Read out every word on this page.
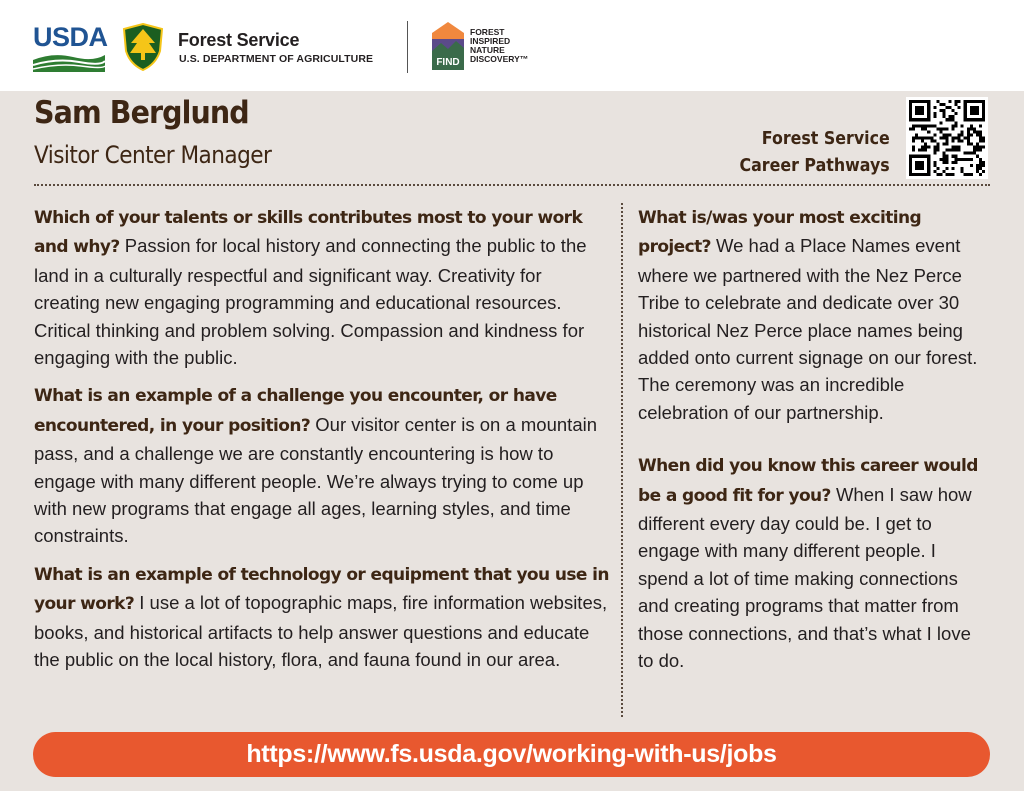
USDA	Forest Service
U.S. DEPARTMENT OF AGRICULTURE	FIND
FOREST
INSPIRED
NATURE
DISCOVERY™
Sam Berglund
Visitor Center Manager
Forest Service
Career Pathways

Which of your talents or skills contributes most to your work and why? Passion for local history and connecting the public to the land in a culturally respectful and significant way. Creativity for creating new engaging programming and educational resources. Critical thinking and problem solving. Compassion and kindness for engaging with the public.

What is an example of a challenge you encounter, or have encountered, in your position? Our visitor center is on a mountain pass, and a challenge we are constantly encountering is how to engage with many different people. We’re always trying to come up with new programs that engage all ages, learning styles, and time constraints.

What is an example of technology or equipment that you use in your work? I use a lot of topographic maps, fire information websites, books, and historical artifacts to help answer questions and educate the public on the local history, flora, and fauna found in our area.

What is/was your most exciting project? We had a Place Names event where we partnered with the Nez Perce Tribe to celebrate and dedicate over 30 historical Nez Perce place names being added onto current signage on our forest. The ceremony was an incredible celebration of our partnership.

When did you know this career would be a good fit for you? When I saw how different every day could be. I get to engage with many different people. I spend a lot of time making connections and creating programs that matter from those connections, and that’s what I love to do.

https://www.fs.usda.gov/working-with-us/jobs
